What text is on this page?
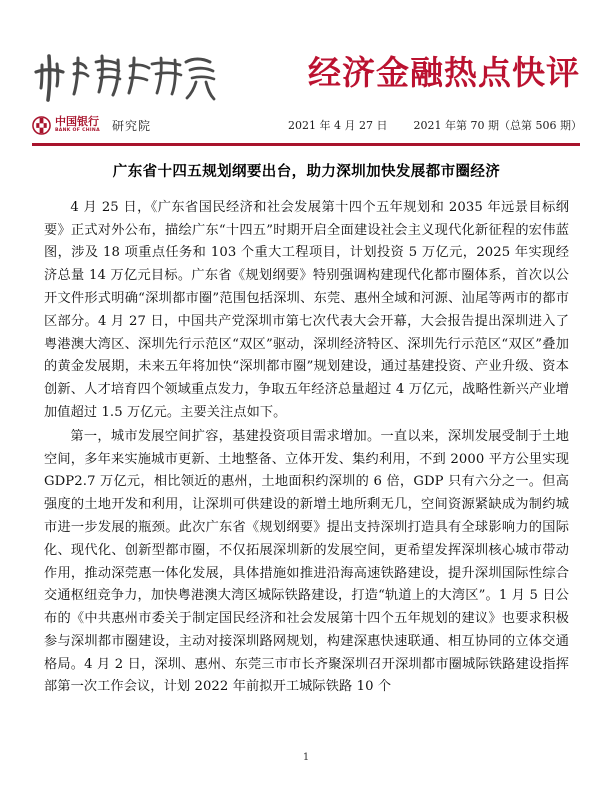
经济金融热点快评
中国银行
BANK OF CHINA 研究院	2021 年 4 月 27 日 2021 年第 70 期（总第 506 期）
广东省十四五规划纲要出台，助力深圳加快发展都市圈经济

4 月 25 日，《广东省国民经济和社会发展第十四个五年规划和 2035 年远景目标纲要》正式对外公布，描绘广东“十四五”时期开启全面建设社会主义现代化新征程的宏伟蓝图，涉及 18 项重点任务和 103 个重大工程项目，计划投资 5 万亿元，2025 年实现经济总量 14 万亿元目标。广东省《规划纲要》特别强调构建现代化都市圈体系，首次以公开文件形式明确“深圳都市圈”范围包括深圳、东莞、惠州全域和河源、汕尾等两市的都市区部分。4 月 27 日，中国共产党深圳市第七次代表大会开幕，大会报告提出深圳进入了粤港澳大湾区、深圳先行示范区“双区”驱动，深圳经济特区、深圳先行示范区“双区”叠加的黄金发展期，未来五年将加快“深圳都市圈”规划建设，通过基建投资、产业升级、资本创新、人才培育四个领域重点发力，争取五年经济总量超过 4 万亿元，战略性新兴产业增加值超过 1.5 万亿元。主要关注点如下。

第一，城市发展空间扩容，基建投资项目需求增加。一直以来，深圳发展受制于土地空间，多年来实施城市更新、土地整备、立体开发、集约利用，不到 2000 平方公里实现 GDP2.7 万亿元，相比领近的惠州，土地面积约深圳的 6 倍，GDP 只有六分之一。但高强度的土地开发和利用，让深圳可供建设的新增土地所剩无几，空间资源紧缺成为制约城市进一步发展的瓶颈。此次广东省《规划纲要》提出支持深圳打造具有全球影响力的国际化、现代化、创新型都市圈，不仅拓展深圳新的发展空间，更希望发挥深圳核心城市带动作用，推动深莞惠一体化发展，具体措施如推进沿海高速铁路建设，提升深圳国际性综合交通枢纽竞争力，加快粤港澳大湾区城际铁路建设，打造“轨道上的大湾区”。1 月 5 日公布的《中共惠州市委关于制定国民经济和社会发展第十四个五年规划的建议》也要求积极参与深圳都市圈建设，主动对接深圳路网规划，构建深惠快速联通、相互协同的立体交通格局。4 月 2 日，深圳、惠州、东莞三市市长齐聚深圳召开深圳都市圈城际铁路建设指挥部第一次工作会议，计划 2022 年前拟开工城际铁路 10 个

1
